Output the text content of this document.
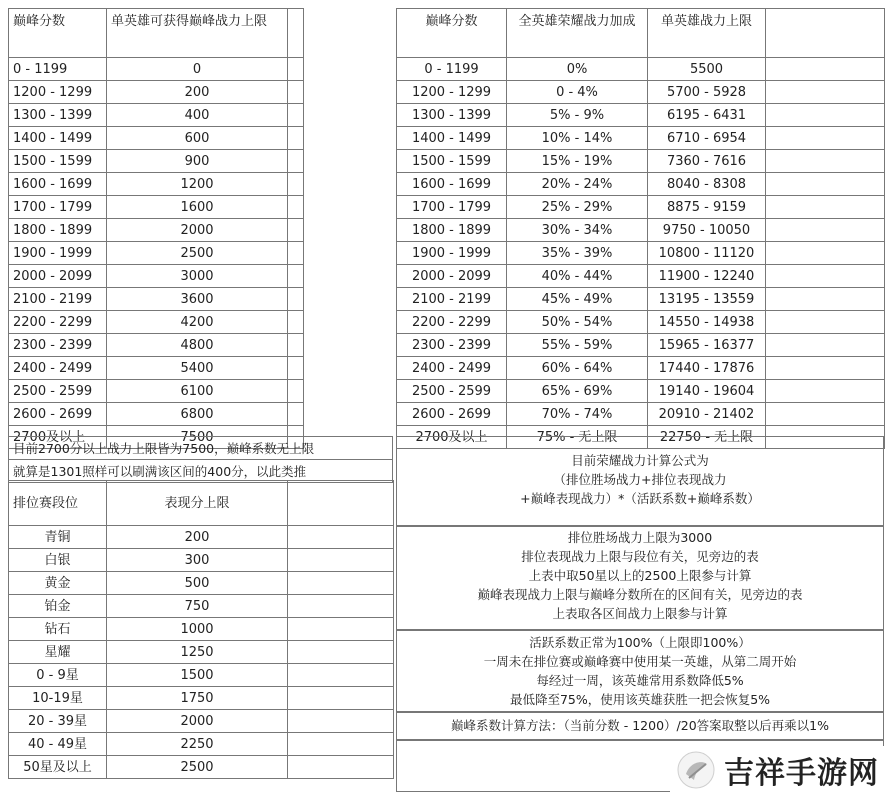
巅峰分数	单英雄可获得巅峰战力上限	
0 - 1199	0	
1200 - 1299	200	
1300 - 1399	400	
1400 - 1499	600	
1500 - 1599	900	
1600 - 1699	1200	
1700 - 1799	1600	
1800 - 1899	2000	
1900 - 1999	2500	
2000 - 2099	3000	
2100 - 2199	3600	
2200 - 2299	4200	
2300 - 2399	4800	
2400 - 2499	5400	
2500 - 2599	6100	
2600 - 2699	6800	
2700及以上	7500	
目前2700分以上战力上限皆为7500，巅峰系数无上限
就算是1301照样可以刷满该区间的400分，以此类推
排位赛段位	表现分上限	
青铜	200	
白银	300	
黄金	500	
铂金	750	
钻石	1000	
星耀	1250	
0 - 9星	1500	
10-19星	1750	
20 - 39星	2000	
40 - 49星	2250	
50星及以上	2500	
巅峰分数	全英雄荣耀战力加成	单英雄战力上限	
0 - 1199	0%	5500	
1200 - 1299	0 - 4%	5700 - 5928	
1300 - 1399	5% - 9%	6195 - 6431	
1400 - 1499	10% - 14%	6710 - 6954	
1500 - 1599	15% - 19%	7360 - 7616	
1600 - 1699	20% - 24%	8040 - 8308	
1700 - 1799	25% - 29%	8875 - 9159	
1800 - 1899	30% - 34%	9750 - 10050	
1900 - 1999	35% - 39%	10800 - 11120	
2000 - 2099	40% - 44%	11900 - 12240	
2100 - 2199	45% - 49%	13195 - 13559	
2200 - 2299	50% - 54%	14550 - 14938	
2300 - 2399	55% - 59%	15965 - 16377	
2400 - 2499	60% - 64%	17440 - 17876	
2500 - 2599	65% - 69%	19140 - 19604	
2600 - 2699	70% - 74%	20910 - 21402	
2700及以上	75% - 无上限	22750 - 无上限	
目前荣耀战力计算公式为
（排位胜场战力+排位表现战力
+巅峰表现战力）*（活跃系数+巅峰系数）
排位胜场战力上限为3000
排位表现战力上限与段位有关，见旁边的表
上表中取50星以上的2500上限参与计算
巅峰表现战力上限与巅峰分数所在的区间有关，见旁边的表
上表取各区间战力上限参与计算
活跃系数正常为100%（上限即100%）
一周未在排位赛或巅峰赛中使用某一英雄，从第二周开始
每经过一周，该英雄常用系数降低5%
最低降至75%，使用该英雄获胜一把会恢复5%
巅峰系数计算方法：（当前分数 - 1200）/20答案取整以后再乘以1%
吉祥手游网
